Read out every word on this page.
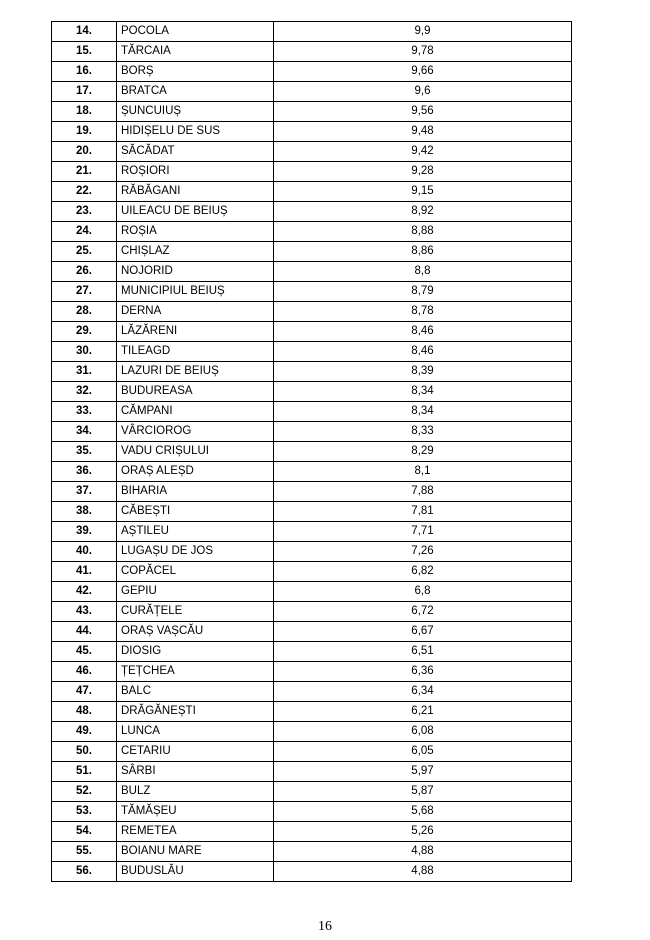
14.	POCOLA	9,9
15.	TĂRCAIA	9,78
16.	BORȘ	9,66
17.	BRATCA	9,6
18.	ȘUNCUIUȘ	9,56
19.	HIDIȘELU DE SUS	9,48
20.	SĂCĂDAT	9,42
21.	ROȘIORI	9,28
22.	RĂBĂGANI	9,15
23.	UILEACU DE BEIUȘ	8,92
24.	ROȘIA	8,88
25.	CHIȘLAZ	8,86
26.	NOJORID	8,8
27.	MUNICIPIUL BEIUȘ	8,79
28.	DERNA	8,78
29.	LĂZĂRENI	8,46
30.	TILEAGD	8,46
31.	LAZURI DE BEIUȘ	8,39
32.	BUDUREASA	8,34
33.	CĂMPANI	8,34
34.	VÂRCIOROG	8,33
35.	VADU CRIȘULUI	8,29
36.	ORAȘ ALEȘD	8,1
37.	BIHARIA	7,88
38.	CĂBEȘTI	7,81
39.	AȘTILEU	7,71
40.	LUGAȘU DE JOS	7,26
41.	COPĂCEL	6,82
42.	GEPIU	6,8
43.	CURĂȚELE	6,72
44.	ORAȘ VAȘCĂU	6,67
45.	DIOSIG	6,51
46.	ȚEȚCHEA	6,36
47.	BALC	6,34
48.	DRĂGĂNEȘTI	6,21
49.	LUNCA	6,08
50.	CETARIU	6,05
51.	SÂRBI	5,97
52.	BULZ	5,87
53.	TĂMĂȘEU	5,68
54.	REMETEA	5,26
55.	BOIANU MARE	4,88
56.	BUDUSLĂU	4,88
16
